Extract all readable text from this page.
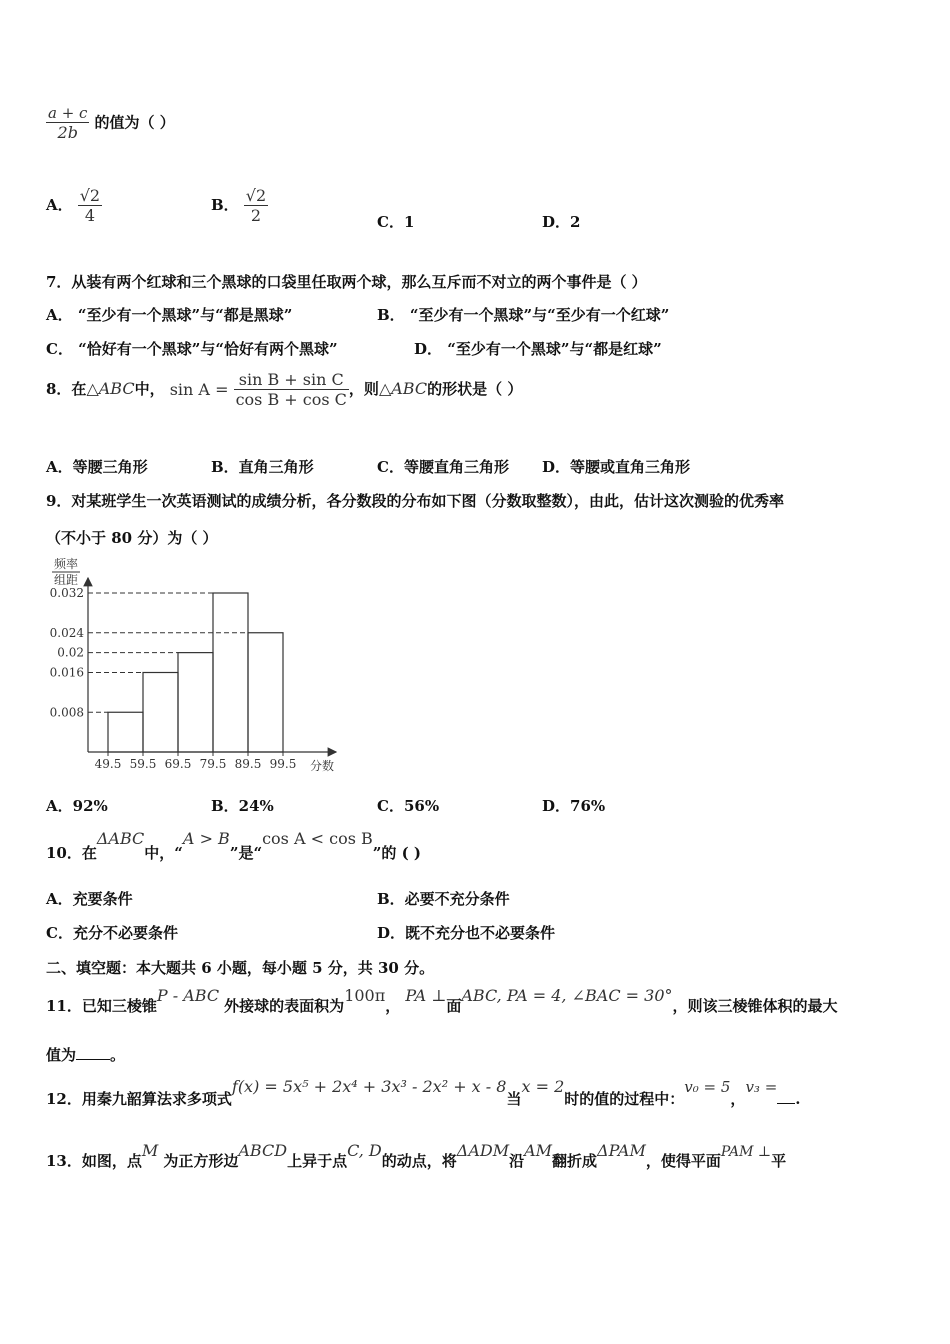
$\frac{a + c}{2b}$ 的值为（ ）
A． $\frac{√2}{4}$	B． $\frac{√2}{2}$	C．1	D．2
7．从装有两个红球和三个黑球的口袋里任取两个球，那么互斥而不对立的两个事件是（ ）
A． “至少有一个黑球”与“都是黑球”	B． “至少有一个黑球”与“至少有一个红球”
C． “恰好有一个黑球”与“恰好有两个黑球”	D． “至少有一个黑球”与“都是红球”
8．在△ABC中， $\sin A = \frac{\text{sin B + sin C}}{\text{cos B + cos C}}$ ，则△ABC的形状是（ ）
A．等腰三角形	B．直角三角形	C．等腰直角三角形 D．等腰或直角三角形
9．对某班学生一次英语测试的成绩分析，各分数段的分布如下图（分数取整数），由此，估计这次测验的优秀率
（不小于 80 分）为（ ）
0.032
0.024
0.02
0.016
0.008
49.5 59.5 69.5 79.5 89.5 99.5
频率
组距
分数
A．92%	B．24%	C．56%	D．76%
10．在ΔABC中，“A > B”是“cos A < cos B”的 ( )
A．充要条件	B．必要不充分条件
C．充分不必要条件	D．既不充分也不必要条件
二、填空题：本大题共 6 小题，每小题 5 分，共 30 分。
11．已知三棱锥P - ABC 外接球的表面积为100π， PA ⊥面ABC, PA = 4, ∠BAC = 30°，则该三棱锥体积的最大
值为 。
12．用秦九韶算法求多项式f(x) = 5x⁵ + 2x⁴ + 3x³ - 2x² + x - 8当x = 2时的值的过程中：v₀ = 5，v₃ =.
13．如图，点M 为正方形边ABCD上异于点C, D的动点，将ΔADM沿AM翻折成ΔPAM，使得平面PAM ⊥平
